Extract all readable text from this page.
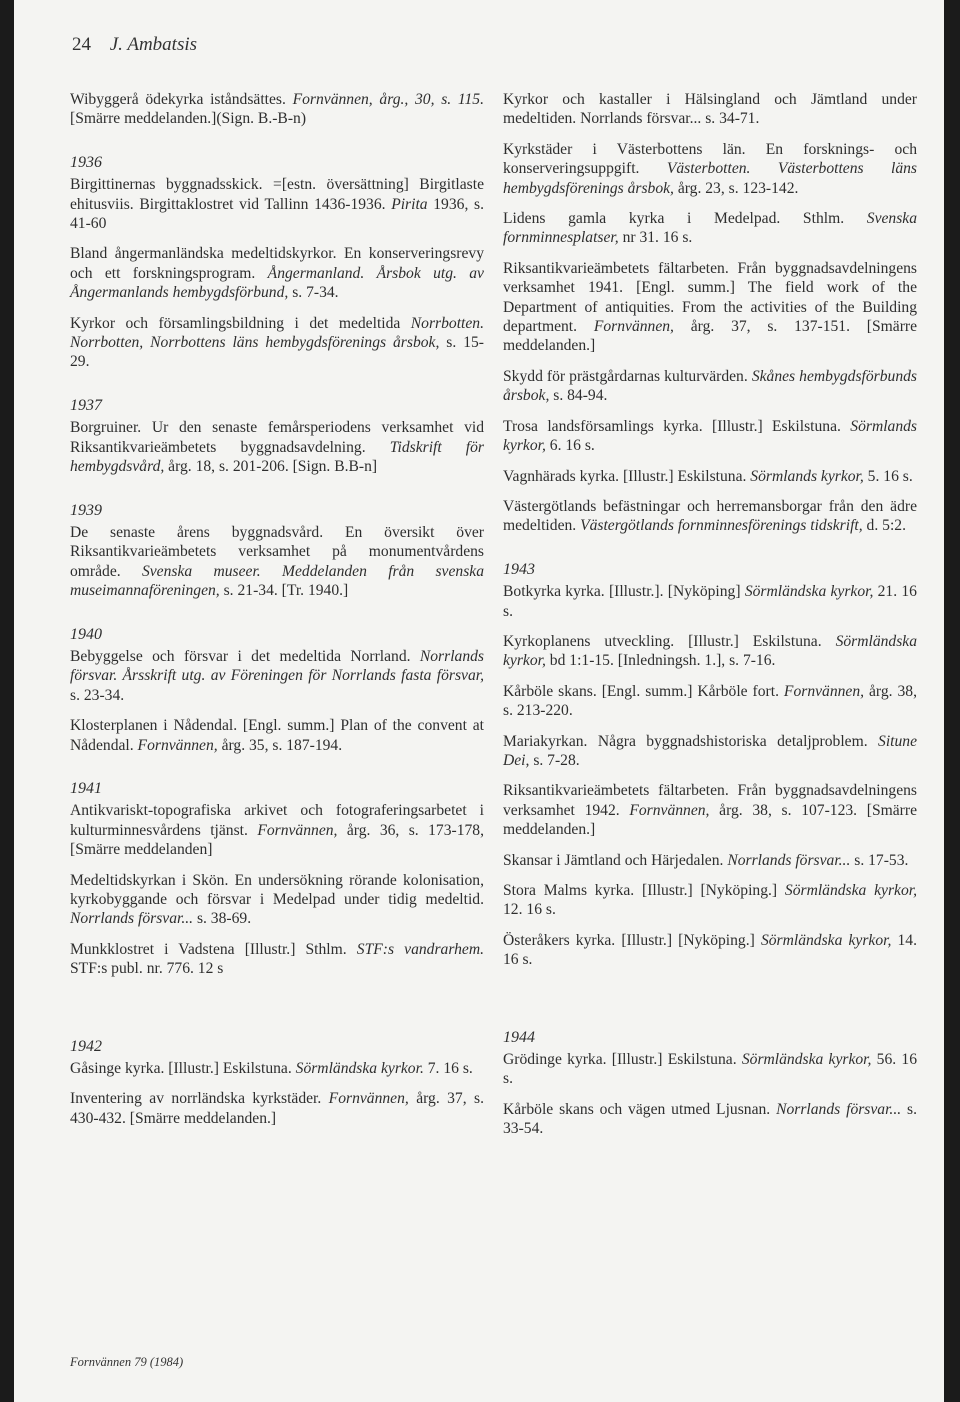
24 J. Ambatsis

Wibyggerå ödekyrka iståndsättes. Fornvännen, årg., 30, s. 115. [Smärre meddelanden.](Sign. B.-B-n)

1936

Birgittinernas byggnadsskick. =[estn. översättning] Birgitlaste ehitusviis. Birgittaklostret vid Tallinn 1436-1936. Pirita 1936, s. 41-60

Bland ångermanländska medeltidskyrkor. En konserveringsrevy och ett forskningsprogram. Ångermanland. Årsbok utg. av Ångermanlands hembygdsförbund, s. 7-34.

Kyrkor och församlingsbildning i det medeltida Norrbotten. Norrbotten, Norrbottens läns hembygdsförenings årsbok, s. 15-29.

1937

Borgruiner. Ur den senaste femårsperiodens verksamhet vid Riksantikvarieämbetets byggnadsavdelning. Tidskrift för hembygdsvård, årg. 18, s. 201-206. [Sign. B.B-n]

1939

De senaste årens byggnadsvård. En översikt över Riksantikvarieämbetets verksamhet på monumentvårdens område. Svenska museer. Meddelanden från svenska museimannaföreningen, s. 21-34. [Tr. 1940.]

1940

Bebyggelse och försvar i det medeltida Norrland. Norrlands försvar. Årsskrift utg. av Föreningen för Norrlands fasta försvar, s. 23-34.

Klosterplanen i Nådendal. [Engl. summ.] Plan of the convent at Nådendal. Fornvännen, årg. 35, s. 187-194.

1941

Antikvariskt-topografiska arkivet och fotograferingsarbetet i kulturminnesvårdens tjänst. Fornvännen, årg. 36, s. 173-178, [Smärre meddelanden]

Medeltidskyrkan i Skön. En undersökning rörande kolonisation, kyrkobyggande och försvar i Medelpad under tidig medeltid. Norrlands försvar... s. 38-69.

Munkklostret i Vadstena [Illustr.] Sthlm. STF:s vandrarhem. STF:s publ. nr. 776. 12 s

1942

Gåsinge kyrka. [Illustr.] Eskilstuna. Sörmländska kyrkor. 7. 16 s.

Inventering av norrländska kyrkstäder. Fornvännen, årg. 37, s. 430-432. [Smärre meddelanden.]

Kyrkor och kastaller i Hälsingland och Jämtland under medeltiden. Norrlands försvar... s. 34-71.

Kyrkstäder i Västerbottens län. En forsknings- och konserveringsuppgift. Västerbotten. Västerbottens läns hembygdsförenings årsbok, årg. 23, s. 123-142.

Lidens gamla kyrka i Medelpad. Sthlm. Svenska fornminnesplatser, nr 31. 16 s.

Riksantikvarieämbetets fältarbeten. Från byggnadsavdelningens verksamhet 1941. [Engl. summ.] The field work of the Department of antiquities. From the activities of the Building department. Fornvännen, årg. 37, s. 137-151. [Smärre meddelanden.]

Skydd för prästgårdarnas kulturvärden. Skånes hembygdsförbunds årsbok, s. 84-94.

Trosa landsförsamlings kyrka. [Illustr.] Eskilstuna. Sörmlands kyrkor, 6. 16 s.

Vagnhärads kyrka. [Illustr.] Eskilstuna. Sörmlands kyrkor, 5. 16 s.

Västergötlands befästningar och herremansborgar från den ädre medeltiden. Västergötlands fornminnesförenings tidskrift, d. 5:2.

1943

Botkyrka kyrka. [Illustr.]. [Nyköping] Sörmländska kyrkor, 21. 16 s.

Kyrkoplanens utveckling. [Illustr.] Eskilstuna. Sörmländska kyrkor, bd 1:1-15. [Inledningsh. 1.], s. 7-16.

Kårböle skans. [Engl. summ.] Kårböle fort. Fornvännen, årg. 38, s. 213-220.

Mariakyrkan. Några byggnadshistoriska detaljproblem. Situne Dei, s. 7-28.

Riksantikvarieämbetets fältarbeten. Från byggnadsavdelningens verksamhet 1942. Fornvännen, årg. 38, s. 107-123. [Smärre meddelanden.]

Skansar i Jämtland och Härjedalen. Norrlands försvar... s. 17-53.

Stora Malms kyrka. [Illustr.] [Nyköping.] Sörmländska kyrkor, 12. 16 s.

Österåkers kyrka. [Illustr.] [Nyköping.] Sörmländska kyrkor, 14. 16 s.

1944

Grödinge kyrka. [Illustr.] Eskilstuna. Sörmländska kyrkor, 56. 16 s.

Kårböle skans och vägen utmed Ljusnan. Norrlands försvar... s. 33-54.

Fornvännen 79 (1984)
